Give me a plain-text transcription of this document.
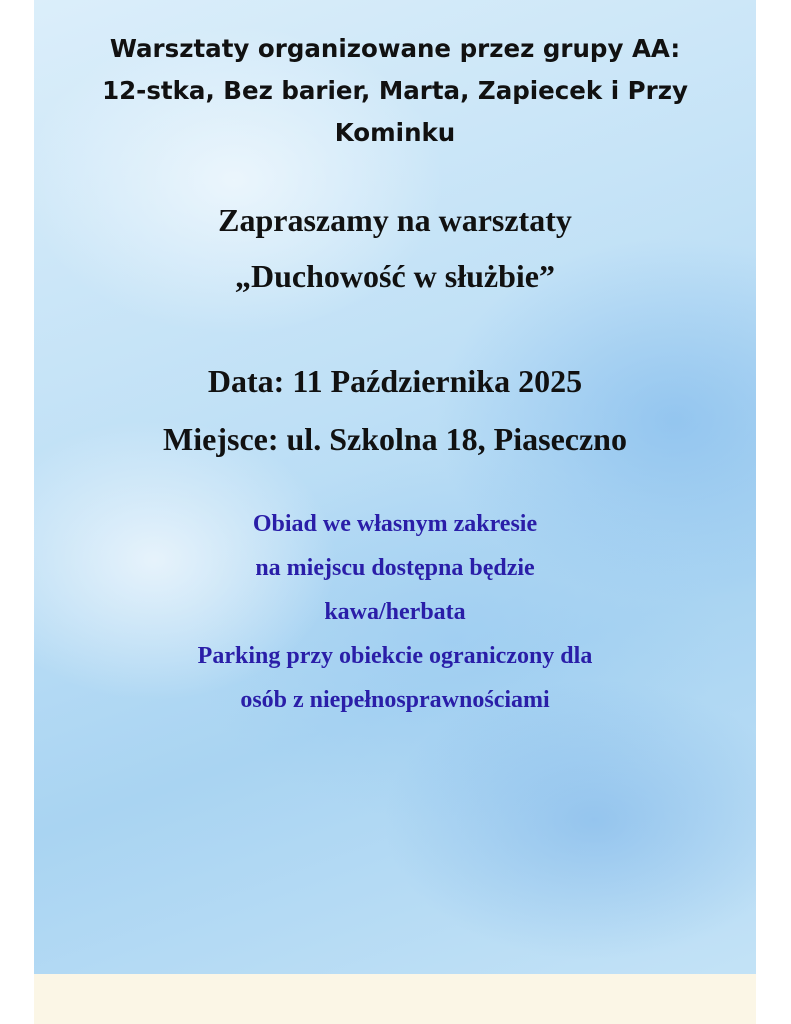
Warsztaty organizowane przez grupy AA:
12-stka, Bez barier, Marta, Zapiecek i Przy
Kominku
Zapraszamy na warsztaty
„Duchowość w służbie”
Data: 11 Października 2025
Miejsce: ul. Szkolna 18, Piaseczno
Obiad we własnym zakresie
na miejscu dostępna będzie
kawa/herbata
Parking przy obiekcie ograniczony dla
osób z niepełnosprawnościami
